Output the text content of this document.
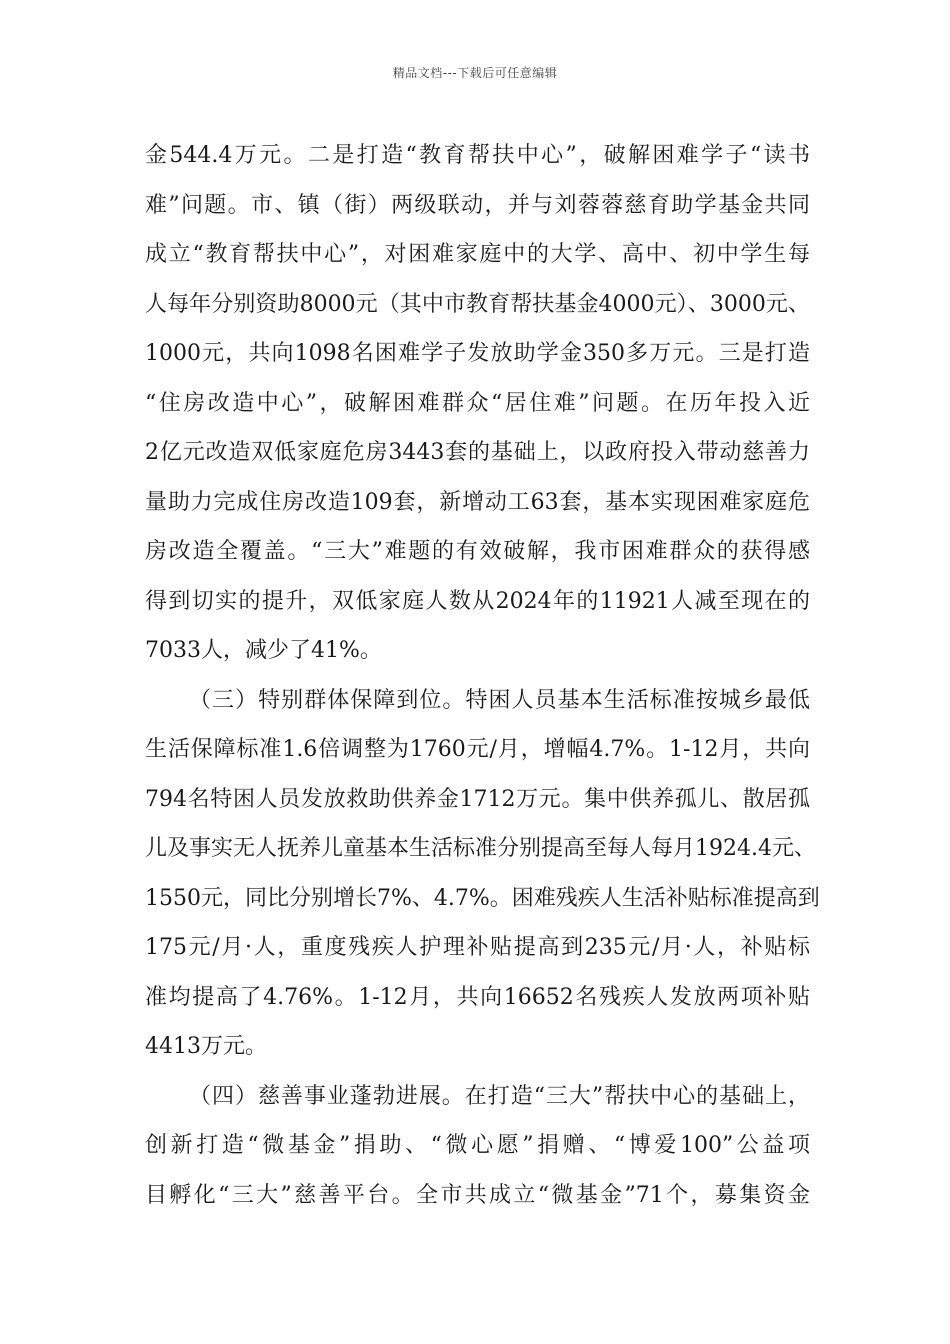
精品文档---下载后可任意编辑
金544.4万元。二是打造“教育帮扶中心”，破解困难学子“读书
难”问题。市、镇（街）两级联动，并与刘蓉蓉慈育助学基金共同
成立“教育帮扶中心”，对困难家庭中的大学、高中、初中学生每
人每年分别资助8000元（其中市教育帮扶基金4000元）、3000元、
1000元，共向1098名困难学子发放助学金350多万元。三是打造
“住房改造中心”，破解困难群众“居住难”问题。在历年投入近
2亿元改造双低家庭危房3443套的基础上，以政府投入带动慈善力
量助力完成住房改造109套，新增动工63套，基本实现困难家庭危
房改造全覆盖。“三大”难题的有效破解，我市困难群众的获得感
得到切实的提升，双低家庭人数从2024年的11921人减至现在的
7033人，减少了41%。
（三）特别群体保障到位。特困人员基本生活标准按城乡最低
生活保障标准1.6倍调整为1760元/月，增幅4.7%。1-12月，共向
794名特困人员发放救助供养金1712万元。集中供养孤儿、散居孤
儿及事实无人抚养儿童基本生活标准分别提高至每人每月1924.4元、
1550元，同比分别增长7%、4.7%。困难残疾人生活补贴标准提高到
175元/月·人，重度残疾人护理补贴提高到235元/月·人，补贴标
准均提高了4.76%。1-12月，共向16652名残疾人发放两项补贴
4413万元。
（四）慈善事业蓬勃进展。在打造“三大”帮扶中心的基础上，
创新打造“微基金”捐助、“微心愿”捐赠、“博爱100”公益项
目孵化“三大”慈善平台。全市共成立“微基金”71个，募集资金
